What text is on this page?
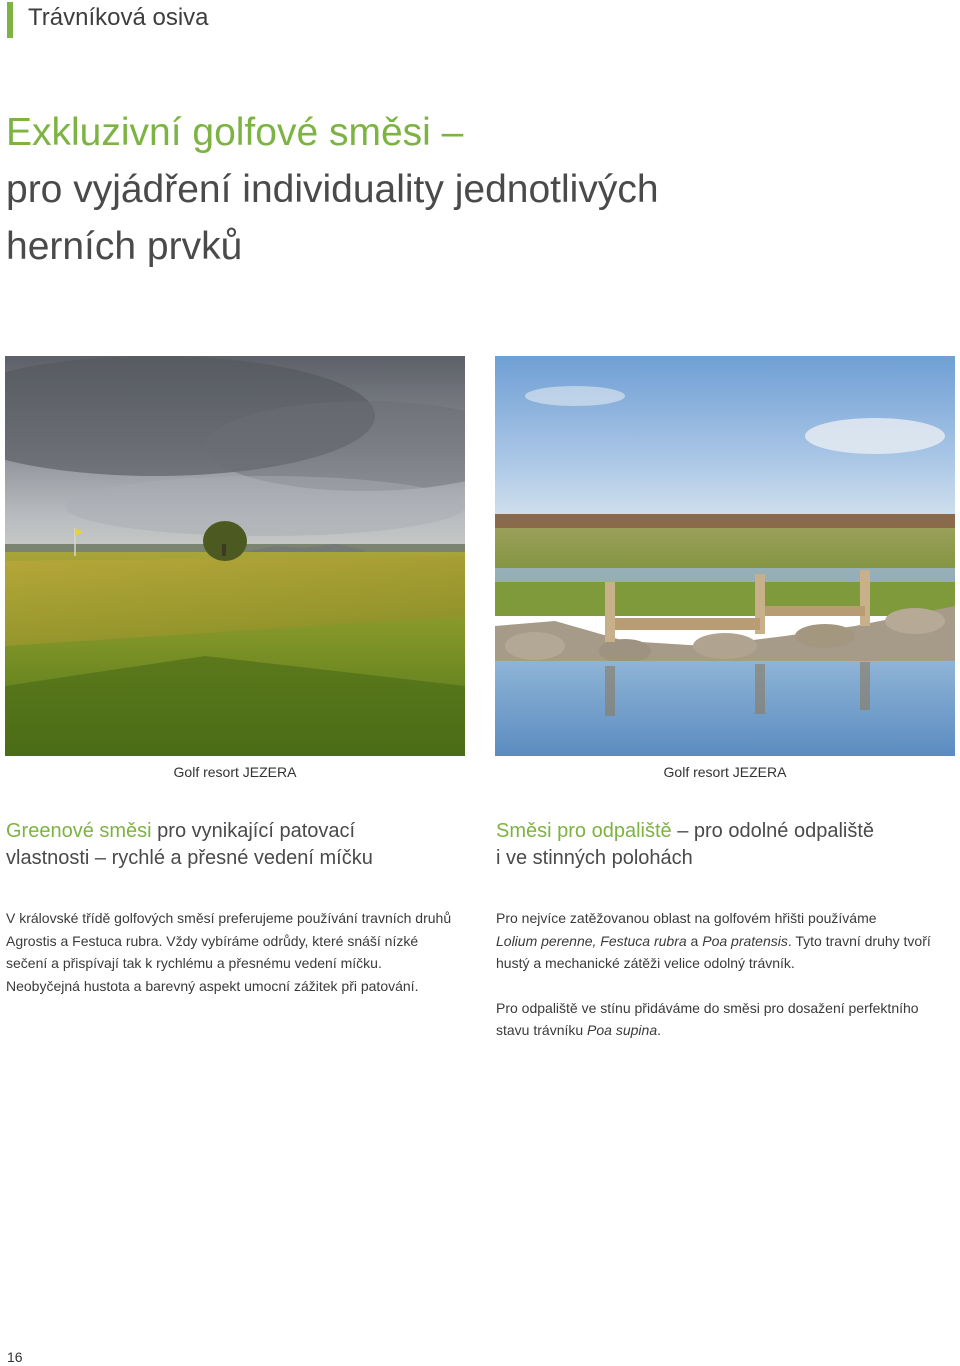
Trávníková osiva
Exkluzivní golfové směsi –
pro vyjádření individuality jednotlivých
herních prvků
Golf resort JEZERA	Golf resort JEZERA
Greenové směsi pro vynikající patovací
vlastnosti – rychlé a přesné vedení míčku
Směsi pro odpaliště – pro odolné odpaliště
i ve stinných polohách

V královské třídě golfových směsí preferujeme používání travních druhů Agrostis a Festuca rubra. Vždy vybíráme odrůdy, které snáší nízké sečení a přispívají tak k rychlému a přesnému vedení míčku. Neobyčejná hustota a barevný aspekt umocní zážitek při patování.

Pro nejvíce zatěžovanou oblast na golfovém hřišti používáme
Lolium perenne, Festuca rubra a Poa pratensis. Tyto travní druhy tvoří hustý a mechanické zátěži velice odolný trávník.

Pro odpaliště ve stínu přidáváme do směsi pro dosažení perfektního stavu trávníku Poa supina.

16
